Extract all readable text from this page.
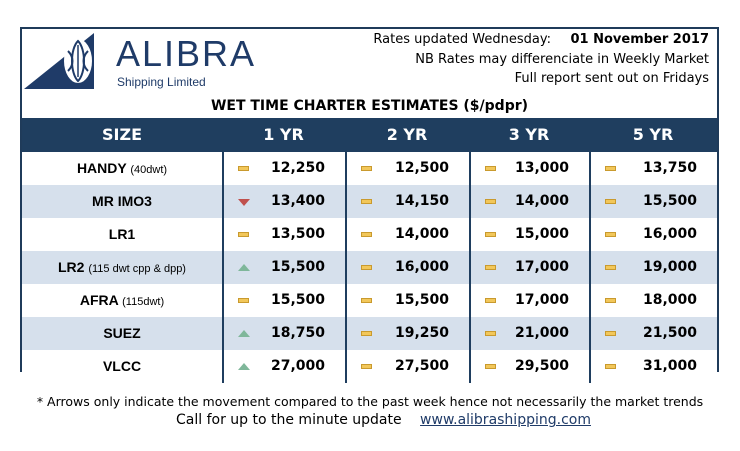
ALIBRA
Shipping Limited
Rates updated Wednesday: 01 November 2017
NB Rates may differenciate in Weekly Market
Full report sent out on Fridays
WET TIME CHARTER ESTIMATES ($/pdpr)
SIZE	1 YR	2 YR	3 YR	5 YR
HANDY (40dwt)	12,250	12,500	13,000	13,750
MR IMO3	13,400	14,150	14,000	15,500
LR1	13,500	14,000	15,000	16,000
LR2 (115 dwt cpp & dpp)	15,500	16,000	17,000	19,000
AFRA (115dwt)	15,500	15,500	17,000	18,000
SUEZ	18,750	19,250	21,000	21,500
VLCC	27,000	27,500	29,500	31,000
* Arrows only indicate the movement compared to the past week hence not necessarily the market trends
Call for up to the minute update www.alibrashipping.com
